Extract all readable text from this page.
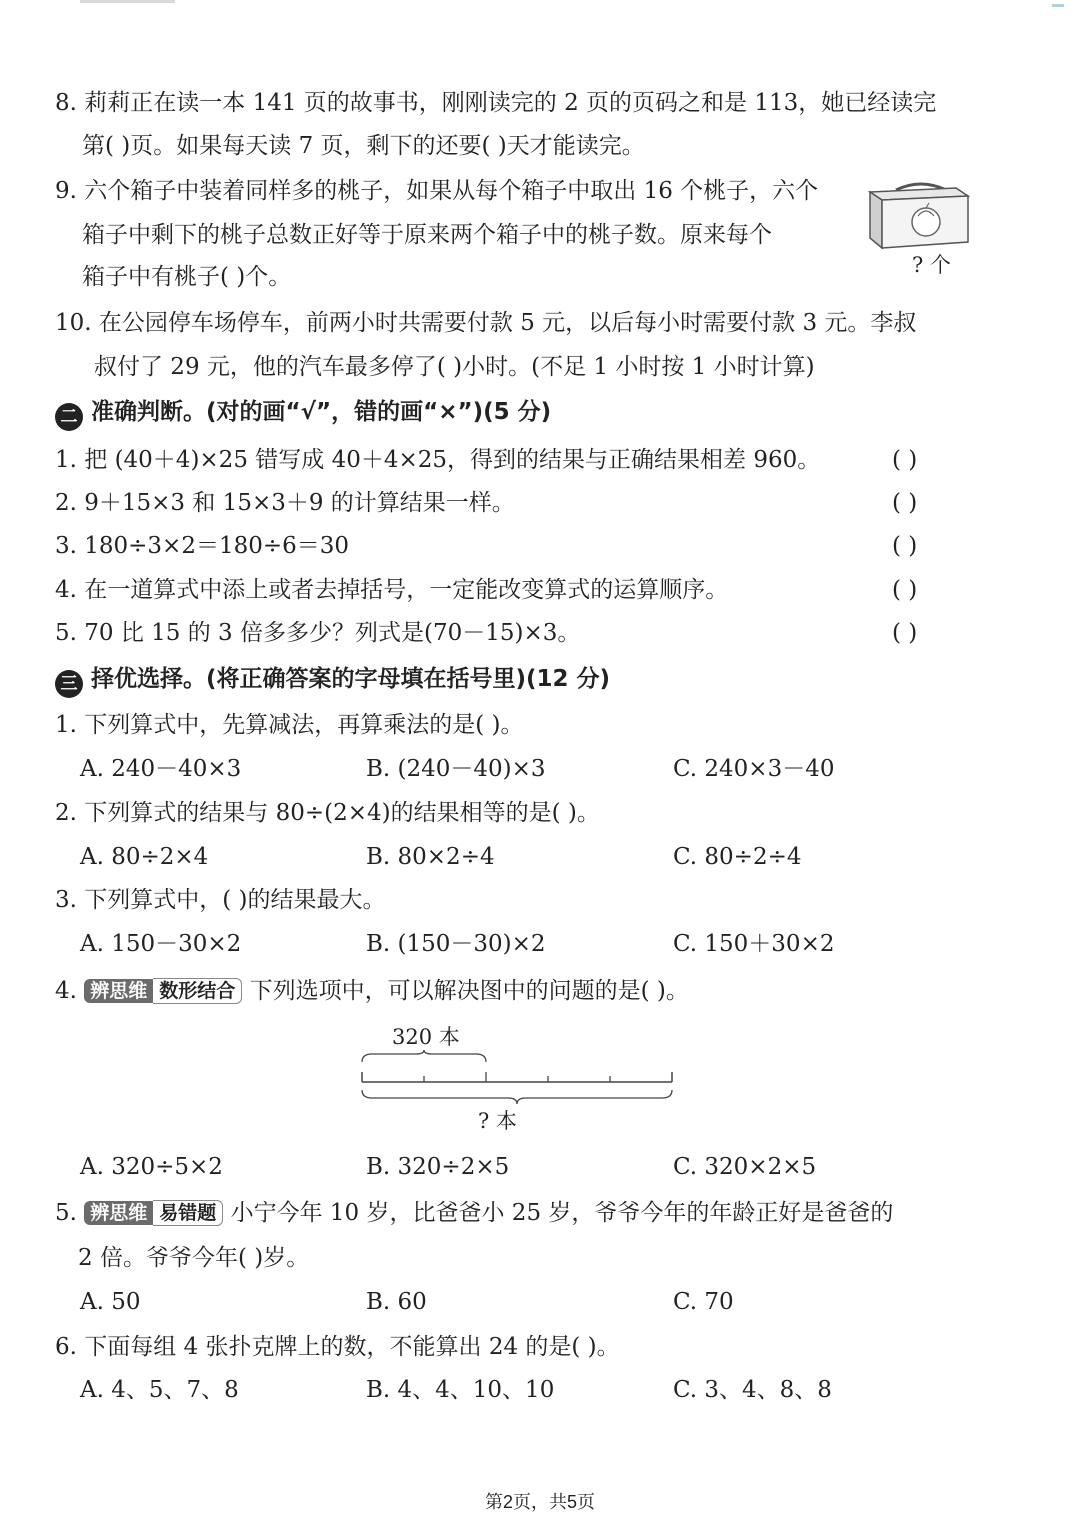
8. 莉莉正在读一本 141 页的故事书，刚刚读完的 2 页的页码之和是 113，她已经读完
第( )页。如果每天读 7 页，剩下的还要( )天才能读完。
9. 六个箱子中装着同样多的桃子，如果从每个箱子中取出 16 个桃子，六个
箱子中剩下的桃子总数正好等于原来两个箱子中的桃子数。原来每个
箱子中有桃子( )个。	? 个
10. 在公园停车场停车，前两小时共需要付款 5 元，以后每小时需要付款 3 元。李叔
叔付了 29 元，他的汽车最多停了( )小时。(不足 1 小时按 1 小时计算)
二 准确判断。(对的画“√”，错的画“×”)(5 分)
1. 把 (40＋4)×25 错写成 40＋4×25，得到的结果与正确结果相差 960。	( )
2. 9＋15×3 和 15×3＋9 的计算结果一样。	( )
3. 180÷3×2＝180÷6＝30	( )
4. 在一道算式中添上或者去掉括号，一定能改变算式的运算顺序。	( )
5. 70 比 15 的 3 倍多多少？列式是(70－15)×3。	( )
三 择优选择。(将正确答案的字母填在括号里)(12 分)
1. 下列算式中，先算减法，再算乘法的是( )。
A. 240－40×3	B. (240－40)×3	C. 240×3－40
2. 下列算式的结果与 80÷(2×4)的结果相等的是( )。
A. 80÷2×4	B. 80×2÷4	C. 80÷2÷4
3. 下列算式中，( )的结果最大。
A. 150－30×2	B. (150－30)×2	C. 150＋30×2
4. 辨思维 数形结合 下列选项中，可以解决图中的问题的是( )。
320 本
? 本
A. 320÷5×2	B. 320÷2×5	C. 320×2×5
5. 辨思维 易错题 小宁今年 10 岁，比爸爸小 25 岁，爷爷今年的年龄正好是爸爸的
2 倍。爷爷今年( )岁。
A. 50	B. 60	C. 70
6. 下面每组 4 张扑克牌上的数，不能算出 24 的是( )。
A. 4、5、7、8	B. 4、4、10、10	C. 3、4、8、8
第2页，共5页
